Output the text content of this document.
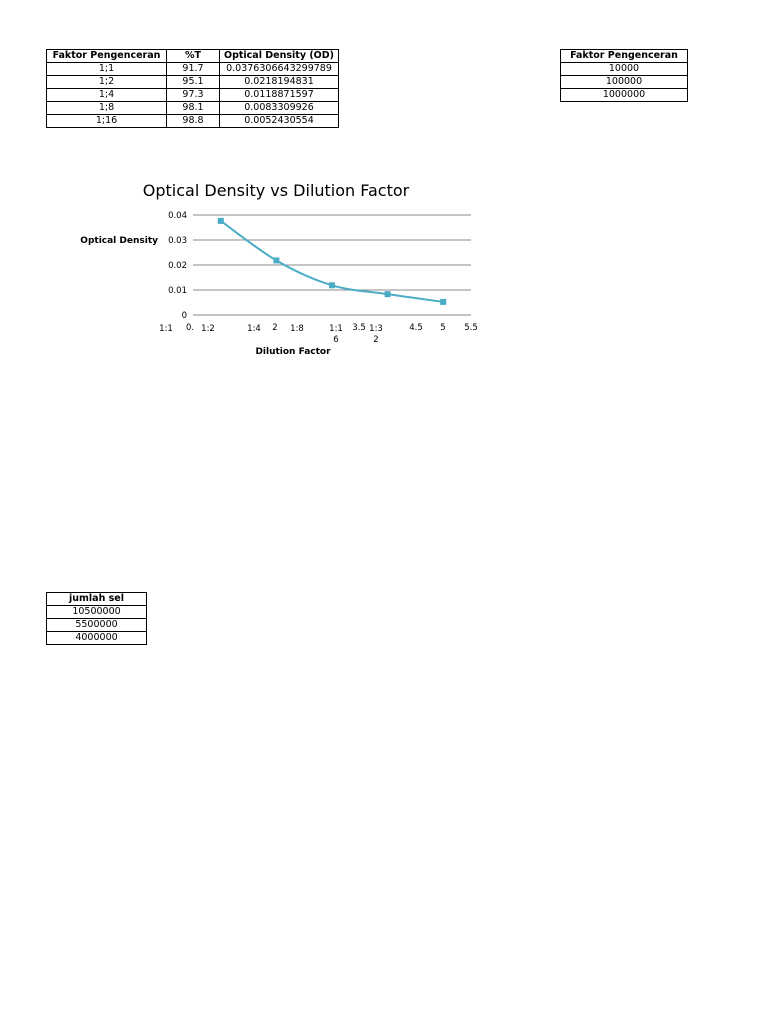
Faktor Pengenceran	%T	Optical Density (OD)
1;1	91.7	0.0376306643299789
1;2	95.1	0.0218194831
1;4	97.3	0.0118871597
1;8	98.1	0.0083309926
1;16	98.8	0.0052430554
Faktor Pengenceran
10000
100000
1000000
Optical Density vs Dilution Factor
Optical Density
Dilution Factor
0
0.01
0.02
0.03
0.04
0.	2	3.5	4.5 5 5.5
1:1	1:2	1:4	1:8	1:1 6
1:3 2
jumlah sel
10500000
5500000
4000000
